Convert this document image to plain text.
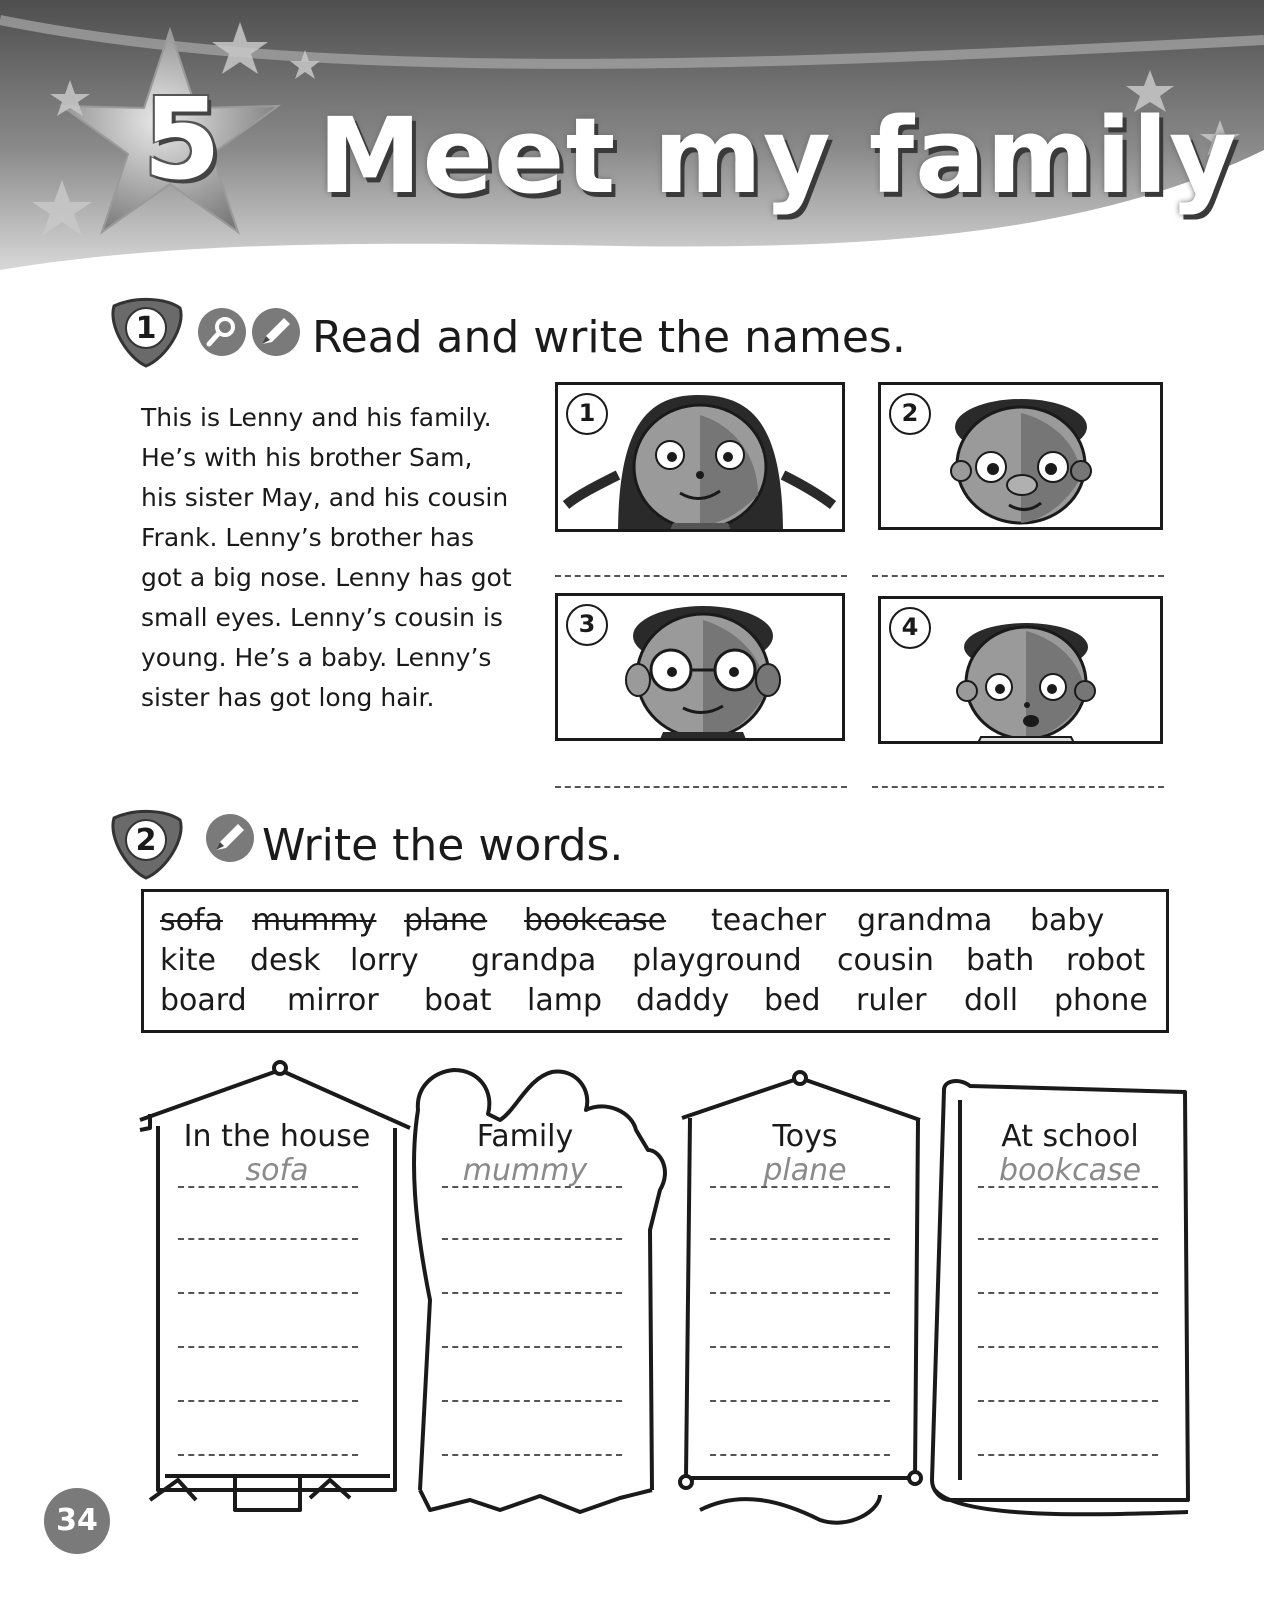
5 Meet my family
1	Read and write the names.
This is Lenny and his family.
He’s with his brother Sam,
his sister May, and his cousin
Frank. Lenny’s brother has
got a big nose. Lenny has got
small eyes. Lenny’s cousin is
young. He’s a baby. Lenny’s
sister has got long hair.
1	2
3	4
2 Write the words.
sofa mummy plane bookcase teacher grandma baby
kite desk lorry grandpa playground cousin bath robot
board mirror boat lamp daddy bed ruler doll phone
In the house
sofa
Family
mummy
Toys
plane
At school
bookcase
34
